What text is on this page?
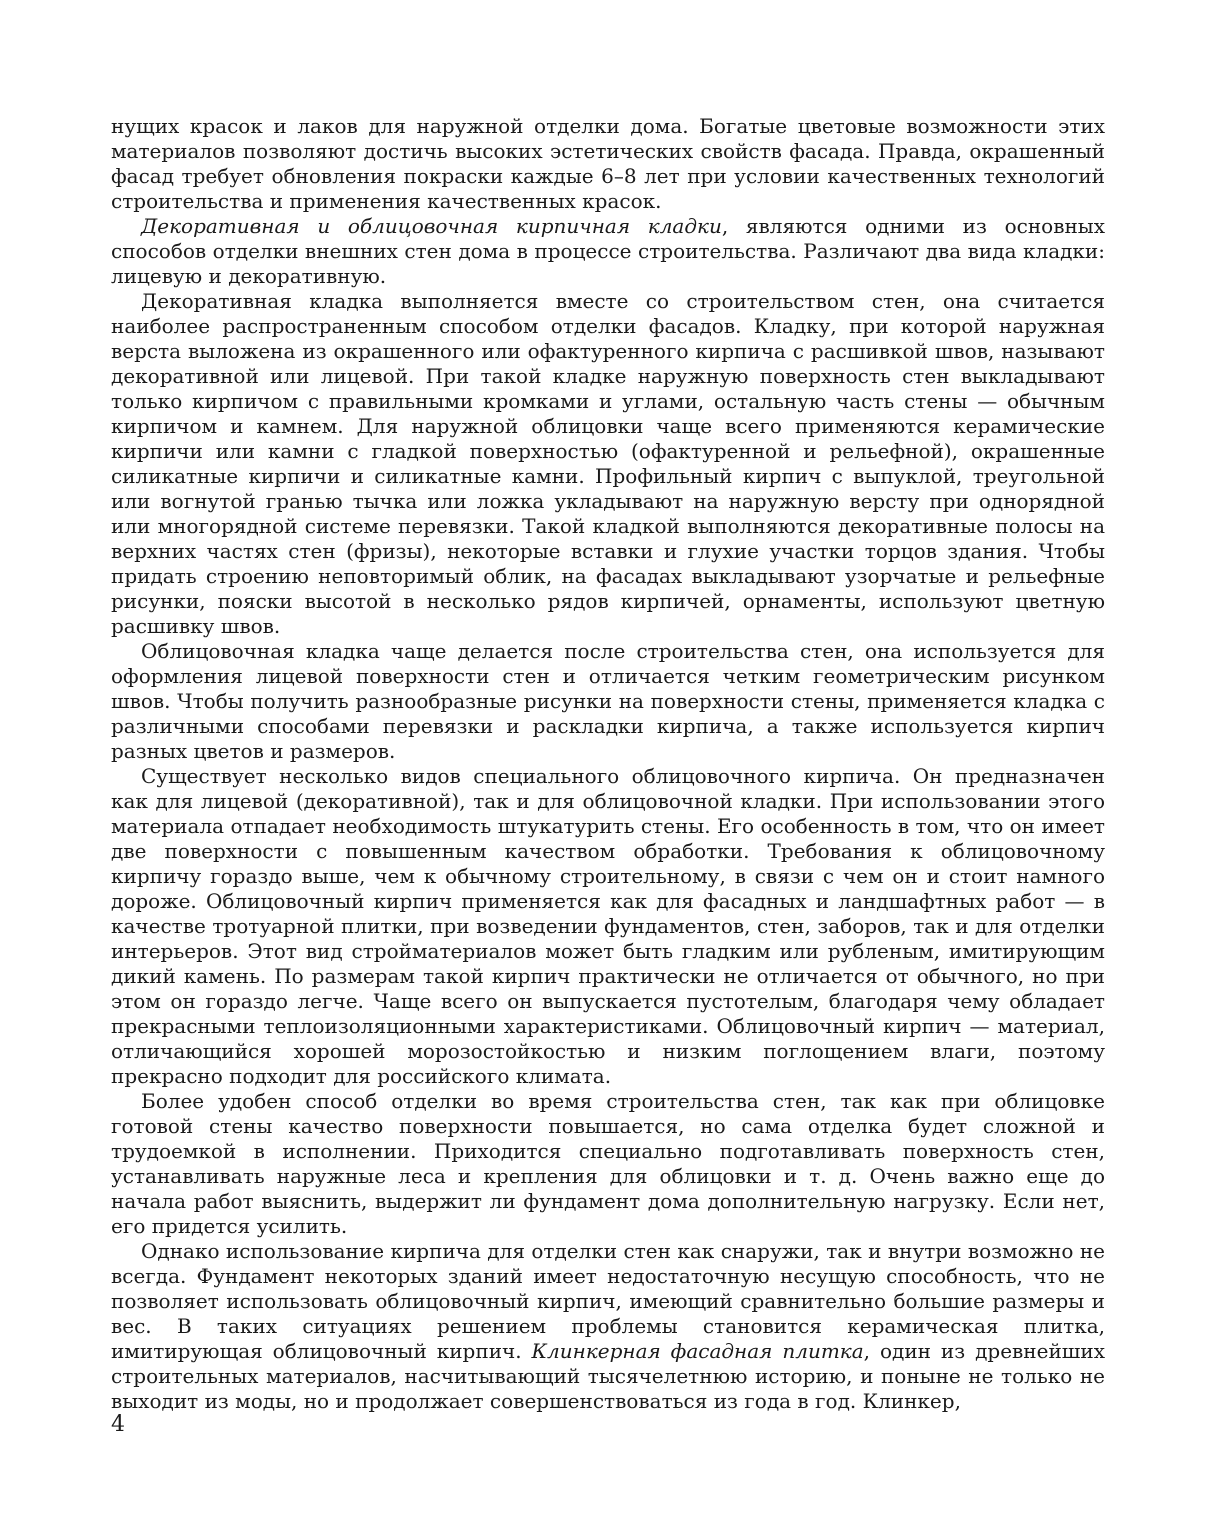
нущих красок и лаков для наружной отделки дома. Богатые цветовые возможности этих материалов позволяют достичь высоких эстетических свойств фасада. Правда, окрашенный фасад требует обновления покраски каждые 6–8 лет при условии качественных технологий строительства и применения качественных красок.

Декоративная и облицовочная кирпичная кладки, являются одними из основных способов отделки внешних стен дома в процессе строительства. Различают два вида кладки: лицевую и декоративную.

Декоративная кладка выполняется вместе со строительством стен, она считается наиболее распространенным способом отделки фасадов. Кладку, при которой наружная верста выложена из окрашенного или офактуренного кирпича с расшивкой швов, называют декоративной или лицевой. При такой кладке наружную поверхность стен выкладывают только кирпичом с правильными кромками и углами, остальную часть стены — обычным кирпичом и камнем. Для наружной облицовки чаще всего применяются керамические кирпичи или камни с гладкой поверхностью (офактуренной и рельефной), окрашенные силикатные кирпичи и силикатные камни. Профильный кирпич с выпуклой, треугольной или вогнутой гранью тычка или ложка укладывают на наружную версту при однорядной или многорядной системе перевязки. Такой кладкой выполняются декоративные полосы на верхних частях стен (фризы), некоторые вставки и глухие участки торцов здания. Чтобы придать строению неповторимый облик, на фасадах выкладывают узорчатые и рельефные рисунки, пояски высотой в несколько рядов кирпичей, орнаменты, используют цветную расшивку швов.

Облицовочная кладка чаще делается после строительства стен, она используется для оформления лицевой поверхности стен и отличается четким геометрическим рисунком швов. Чтобы получить разнообразные рисунки на поверхности стены, применяется кладка с различными способами перевязки и раскладки кирпича, а также используется кирпич разных цветов и размеров.

Существует несколько видов специального облицовочного кирпича. Он предназначен как для лицевой (декоративной), так и для облицовочной кладки. При использовании этого материала отпадает необходимость штукатурить стены. Его особенность в том, что он имеет две поверхности с повышенным качеством обработки. Требования к облицовочному кирпичу гораздо выше, чем к обычному строительному, в связи с чем он и стоит намного дороже. Облицовочный кирпич применяется как для фасадных и ландшафтных работ — в качестве тротуарной плитки, при возведении фундаментов, стен, заборов, так и для отделки интерьеров. Этот вид стройматериалов может быть гладким или рубленым, имитирующим дикий камень. По размерам такой кирпич практически не отличается от обычного, но при этом он гораздо легче. Чаще всего он выпускается пустотелым, благодаря чему обладает прекрасными теплоизоляционными характеристиками. Облицовочный кирпич — материал, отличающийся хорошей морозостойкостью и низким поглощением влаги, поэтому прекрасно подходит для российского климата.

Более удобен способ отделки во время строительства стен, так как при облицовке готовой стены качество поверхности повышается, но сама отделка будет сложной и трудоемкой в исполнении. Приходится специально подготавливать поверхность стен, устанавливать наружные леса и крепления для облицовки и т. д. Очень важно еще до начала работ выяснить, выдержит ли фундамент дома дополнительную нагрузку. Если нет, его придется усилить.

Однако использование кирпича для отделки стен как снаружи, так и внутри возможно не всегда. Фундамент некоторых зданий имеет недостаточную несущую способность, что не позволяет использовать облицовочный кирпич, имеющий сравнительно большие размеры и вес. В таких ситуациях решением проблемы становится керамическая плитка, имитирующая облицовочный кирпич. Клинкерная фасадная плитка, один из древнейших строительных материалов, насчитывающий тысячелетнюю историю, и поныне не только не выходит из моды, но и продолжает совершенствоваться из года в год. Клинкер,

4
